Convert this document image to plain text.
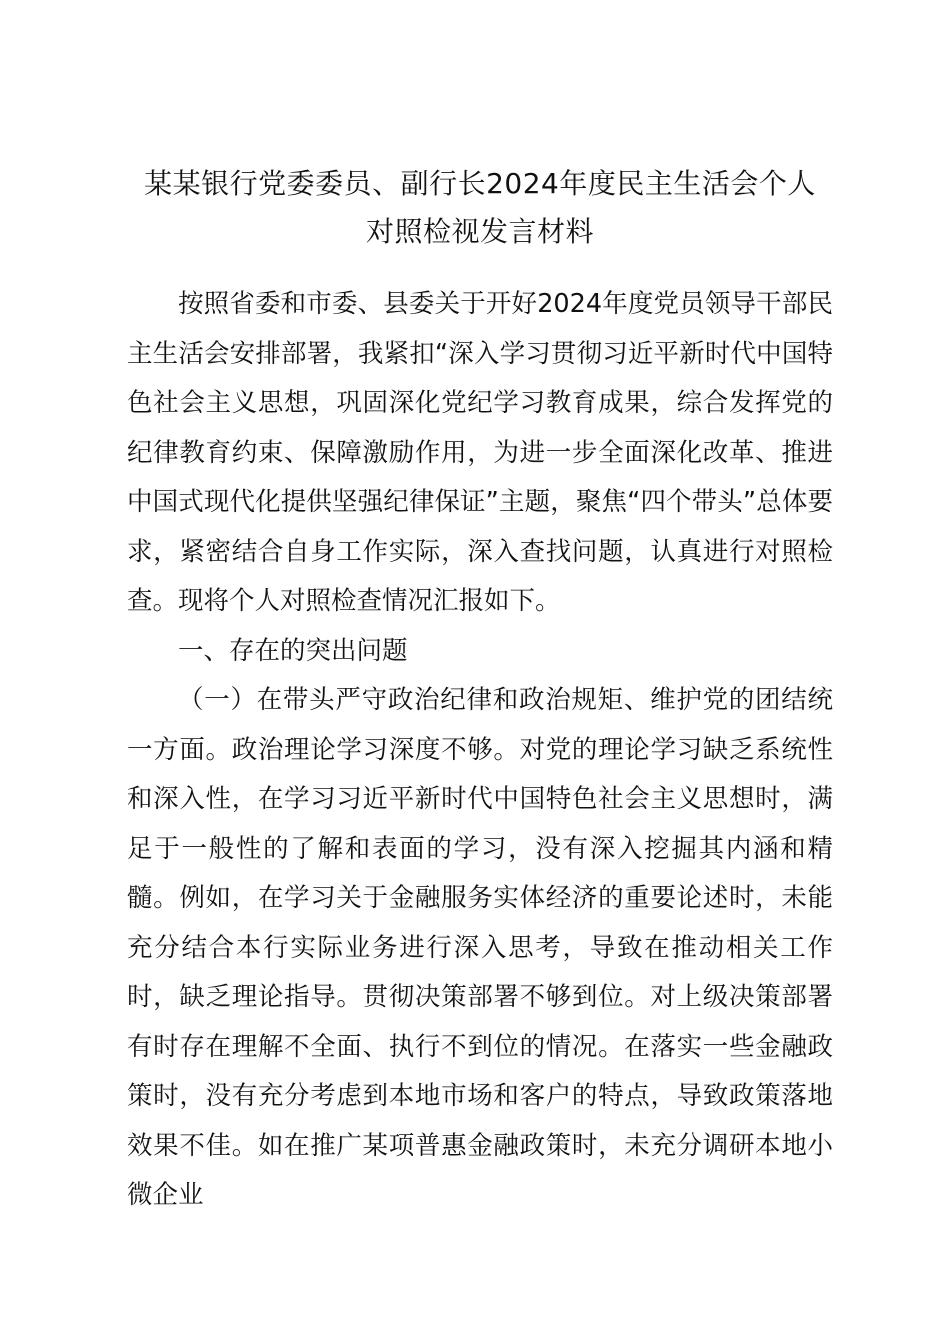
某某银行党委委员、副行长2024年度民主生活会个人
对照检视发言材料

按照省委和市委、县委关于开好2024年度党员领导干部民主生活会安排部署，我紧扣“深入学习贯彻习近平新时代中国特色社会主义思想，巩固深化党纪学习教育成果，综合发挥党的纪律教育约束、保障激励作用，为进一步全面深化改革、推进中国式现代化提供坚强纪律保证”主题，聚焦“四个带头”总体要求，紧密结合自身工作实际，深入查找问题，认真进行对照检查。现将个人对照检查情况汇报如下。

一、存在的突出问题

（一）在带头严守政治纪律和政治规矩、维护党的团结统一方面。政治理论学习深度不够。对党的理论学习缺乏系统性和深入性，在学习习近平新时代中国特色社会主义思想时，满足于一般性的了解和表面的学习，没有深入挖掘其内涵和精髓。例如，在学习关于金融服务实体经济的重要论述时，未能充分结合本行实际业务进行深入思考，导致在推动相关工作时，缺乏理论指导。贯彻决策部署不够到位。对上级决策部署有时存在理解不全面、执行不到位的情况。在落实一些金融政策时，没有充分考虑到本地市场和客户的特点，导致政策落地效果不佳。如在推广某项普惠金融政策时，未充分调研本地小微企业
